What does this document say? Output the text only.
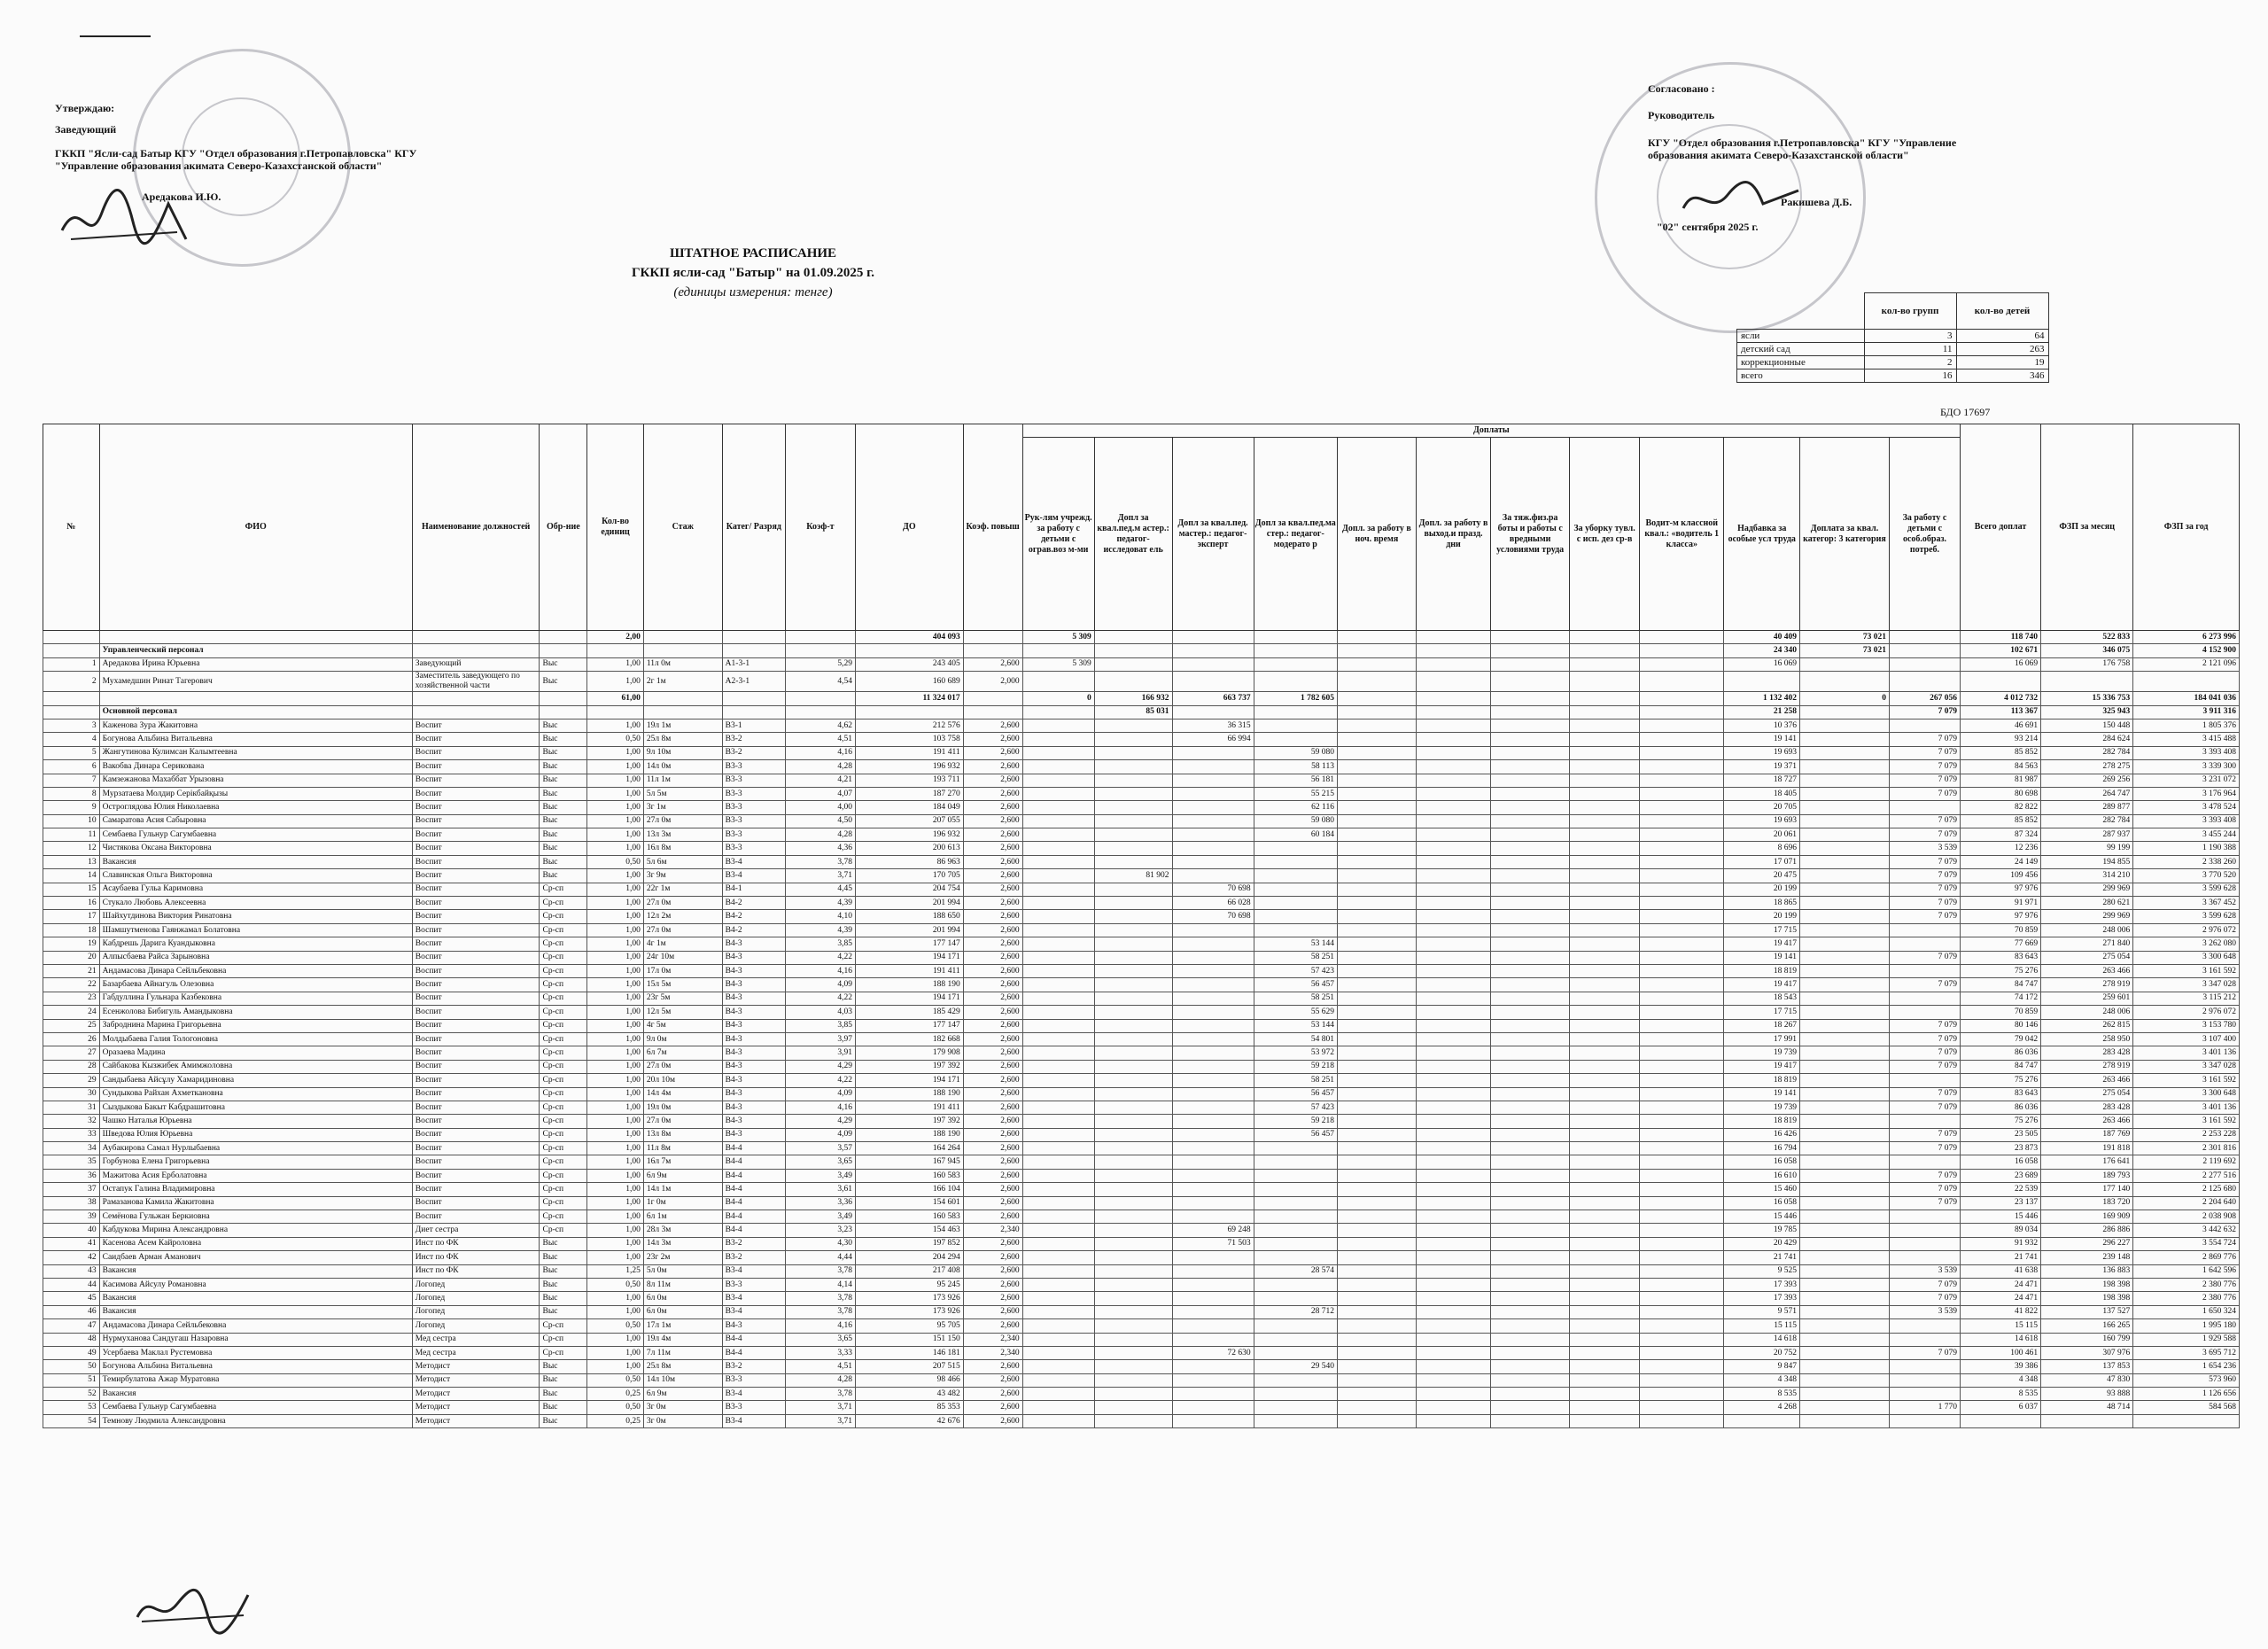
Утверждаю:
Заведующий
ГККП "Ясли-сад Батыр КГУ "Отдел образования г.Петропавловска" КГУ
"Управление образования акимата Северо-Казахстанской области"
Аредакова И.Ю.
Согласовано :
Руководитель
КГУ "Отдел образования г.Петропавловска" КГУ "Управление
образования акимата Северо-Казахстанской области"
Ракишева Д.Б.
"02" сентября 2025 г.
ШТАТНОЕ РАСПИСАНИЕ
ГККП ясли-сад "Батыр" на 01.09.2025 г.
(единицы измерения: тенге)
	кол-во групп	кол-во детей
ясли	3	64
детский сад	11	263
коррекционные	2	19
всего	16	346
БДО 17697
№	ФИО	Наименование должностей	Обр-ние	Кол-во единиц	Стаж	Катег/ Разряд	Коэф-т	ДО	Коэф. повыш	Доплаты												Всего доплат	ФЗП за месяц	ФЗП за год
										Рук-лям учрежд. за работу с детьми с ограв.воз м-ми	Допл за квал.пед.м астер.: педагог-исследоват ель	Допл за квал.пед. мастер.: педагог-эксперт	Допл за квал.пед.ма стер.: педагог-модерато р	Допл. за работу в ноч. время	Допл. за работу в выход.и празд. дни	За тяж.физ.ра боты и работы с вредными условиями труда	За уборку тувл. с исп. дез ср-в	Водит-м классной квал.: «водитель 1 класса»	Надбавка за особые усл труда	Доплата за квал. категор: 3 категория	За работу с детьми с особ.образ. потреб.			
				2,00				404 093		5 309									40 409	73 021		118 740	522 833	6 273 996
	Управленческий персонал																		24 340	73 021		102 671	346 075	4 152 900
1	Аредакова Ирина Юрьевна	Заведующий	Выс	1,00	11л 0м	А1-3-1	5,29	243 405	2,600	5 309									16 069			16 069	176 758	2 121 096
2	Мухамедшин Ринат Тагерович	Заместитель заведующего по хозяйственной части	Выс	1,00	2г 1м	А2-3-1	4,54	160 689	2,000															
				61,00				11 324 017		0	166 932	663 737	1 782 605						1 132 402	0	267 056	4 012 732	15 336 753	184 041 036
	Основной персонал										85 031								21 258		7 079	113 367	325 943	3 911 316
3	Каженова Зура Жакитовна	Воспит	Выс	1,00	19л 1м	В3-1	4,62	212 576	2,600			36 315							10 376			46 691	150 448	1 805 376
4	Богунова Альбина Витальевна	Воспит	Выс	0,50	25л 8м	В3-2	4,51	103 758	2,600			66 994							19 141		7 079	93 214	284 624	3 415 488
5	Жангутинова Кулимсан Калымтеевна	Воспит	Выс	1,00	9л 10м	В3-2	4,16	191 411	2,600				59 080						19 693		7 079	85 852	282 784	3 393 408
6	Вакобва Динара Серикована	Воспит	Выс	1,00	14л 0м	В3-3	4,28	196 932	2,600				58 113						19 371		7 079	84 563	278 275	3 339 300
7	Камзежанова Махаббат Урызовна	Воспит	Выс	1,00	11л 1м	В3-3	4,21	193 711	2,600				56 181						18 727		7 079	81 987	269 256	3 231 072
8	Мурзатаева Молдир Серікбайқызы	Воспит	Выс	1,00	5л 5м	В3-3	4,07	187 270	2,600				55 215						18 405		7 079	80 698	264 747	3 176 964
9	Остроглядова Юлия Николаевна	Воспит	Выс	1,00	3г 1м	В3-3	4,00	184 049	2,600				62 116						20 705			82 822	289 877	3 478 524
10	Самаратова Асия Сабыровна	Воспит	Выс	1,00	27л 0м	В3-3	4,50	207 055	2,600				59 080						19 693		7 079	85 852	282 784	3 393 408
11	Сембаева Гульнур Сагумбаевна	Воспит	Выс	1,00	13л 3м	В3-3	4,28	196 932	2,600				60 184						20 061		7 079	87 324	287 937	3 455 244
12	Чистякова Оксана Викторовна	Воспит	Выс	1,00	16л 8м	В3-3	4,36	200 613	2,600										8 696		3 539	12 236	99 199	1 190 388
13	Вакансия	Воспит	Выс	0,50	5л 6м	В3-4	3,78	86 963	2,600										17 071		7 079	24 149	194 855	2 338 260
14	Славинская Ольга Викторовна	Воспит	Выс	1,00	3г 9м	В3-4	3,71	170 705	2,600		81 902								20 475		7 079	109 456	314 210	3 770 520
15	Асаубаева Гульа Каримовна	Воспит	Ср-сп	1,00	22г 1м	В4-1	4,45	204 754	2,600			70 698							20 199		7 079	97 976	299 969	3 599 628
16	Стукало Любовь Алексеевна	Воспит	Ср-сп	1,00	27л 0м	В4-2	4,39	201 994	2,600			66 028							18 865		7 079	91 971	280 621	3 367 452
17	Шайхутдинова Виктория Ринатовна	Воспит	Ср-сп	1,00	12л 2м	В4-2	4,10	188 650	2,600			70 698							20 199		7 079	97 976	299 969	3 599 628
18	Шамшутменова Гаянжамал Болатовна	Воспит	Ср-сп	1,00	27л 0м	В4-2	4,39	201 994	2,600										17 715			70 859	248 006	2 976 072
19	Кабдрешь Дарига Куандыковна	Воспит	Ср-сп	1,00	4г 1м	В4-3	3,85	177 147	2,600				53 144						19 417			77 669	271 840	3 262 080
20	Алпысбаева Райса Зарыновна	Воспит	Ср-сп	1,00	24г 10м	В4-3	4,22	194 171	2,600				58 251						19 141		7 079	83 643	275 054	3 300 648
21	Андамасова Динара Сейльбековна	Воспит	Ср-сп	1,00	17л 0м	В4-3	4,16	191 411	2,600				57 423						18 819			75 276	263 466	3 161 592
22	Базарбаева Айнагуль Олезовна	Воспит	Ср-сп	1,00	15л 5м	В4-3	4,09	188 190	2,600				56 457						19 417		7 079	84 747	278 919	3 347 028
23	Габдуллина Гульнара Казбековна	Воспит	Ср-сп	1,00	23г 5м	В4-3	4,22	194 171	2,600				58 251						18 543			74 172	259 601	3 115 212
24	Есенжолова Бибигуль Амандыковна	Воспит	Ср-сп	1,00	12л 5м	В4-3	4,03	185 429	2,600				55 629						17 715			70 859	248 006	2 976 072
25	Заброднина Марина Григорьевна	Воспит	Ср-сп	1,00	4г 5м	В4-3	3,85	177 147	2,600				53 144						18 267		7 079	80 146	262 815	3 153 780
26	Молдыбаева Галия Тологоновна	Воспит	Ср-сп	1,00	9л 0м	В4-3	3,97	182 668	2,600				54 801						17 991		7 079	79 042	258 950	3 107 400
27	Оразаева Мадина	Воспит	Ср-сп	1,00	6л 7м	В4-3	3,91	179 908	2,600				53 972						19 739		7 079	86 036	283 428	3 401 136
28	Сайбакова Кызжибек Амимжоловна	Воспит	Ср-сп	1,00	27л 0м	В4-3	4,29	197 392	2,600				59 218						19 417		7 079	84 747	278 919	3 347 028
29	Сандыбаева Айсұлу Хамаридиновна	Воспит	Ср-сп	1,00	20л 10м	В4-3	4,22	194 171	2,600				58 251						18 819			75 276	263 466	3 161 592
30	Сундыкова Райхан Ахметкановна	Воспит	Ср-сп	1,00	14л 4м	В4-3	4,09	188 190	2,600				56 457						19 141		7 079	83 643	275 054	3 300 648
31	Сыздыкова Бакыт Кабдрашитовна	Воспит	Ср-сп	1,00	19л 0м	В4-3	4,16	191 411	2,600				57 423						19 739		7 079	86 036	283 428	3 401 136
32	Чашко Наталья Юрьевна	Воспит	Ср-сп	1,00	27л 0м	В4-3	4,29	197 392	2,600				59 218						18 819			75 276	263 466	3 161 592
33	Шведова Юлия Юрьевна	Воспит	Ср-сп	1,00	13л 8м	В4-3	4,09	188 190	2,600				56 457						16 426		7 079	23 505	187 769	2 253 228
34	Аубакирова Самал Нурлыбаевна	Воспит	Ср-сп	1,00	11л 8м	В4-4	3,57	164 264	2,600										16 794		7 079	23 873	191 818	2 301 816
35	Горбунова Елена Григорьевна	Воспит	Ср-сп	1,00	16л 7м	В4-4	3,65	167 945	2,600										16 058			16 058	176 641	2 119 692
36	Мажитова Асия Ерболатовна	Воспит	Ср-сп	1,00	6л 9м	В4-4	3,49	160 583	2,600										16 610		7 079	23 689	189 793	2 277 516
37	Остапук Галина Владимировна	Воспит	Ср-сп	1,00	14л 1м	В4-4	3,61	166 104	2,600										15 460		7 079	22 539	177 140	2 125 680
38	Рамазанова Камила Жакитовна	Воспит	Ср-сп	1,00	1г 0м	В4-4	3,36	154 601	2,600										16 058		7 079	23 137	183 720	2 204 640
39	Семёнова Гульжан Беркиовна	Воспит	Ср-сп	1,00	6л 1м	В4-4	3,49	160 583	2,600										15 446			15 446	169 909	2 038 908
40	Кабдукова Мирина Александровна	Диет сестра	Ср-сп	1,00	28л 3м	В4-4	3,23	154 463	2,340			69 248							19 785			89 034	286 886	3 442 632
41	Касенова Асем Кайроловна	Инст по ФК	Выс	1,00	14л 3м	В3-2	4,30	197 852	2,600			71 503							20 429			91 932	296 227	3 554 724
42	Саидбаев Арман Аманович	Инст по ФК	Выс	1,00	23г 2м	В3-2	4,44	204 294	2,600										21 741			21 741	239 148	2 869 776
43	Вакансия	Инст по ФК	Выс	1,25	5л 0м	В3-4	3,78	217 408	2,600				28 574						9 525		3 539	41 638	136 883	1 642 596
44	Касимова Айсулу Романовна	Логопед	Выс	0,50	8л 11м	В3-3	4,14	95 245	2,600										17 393		7 079	24 471	198 398	2 380 776
45	Вакансия	Логопед	Выс	1,00	6л 0м	В3-4	3,78	173 926	2,600										17 393		7 079	24 471	198 398	2 380 776
46	Вакансия	Логопед	Выс	1,00	6л 0м	В3-4	3,78	173 926	2,600				28 712						9 571		3 539	41 822	137 527	1 650 324
47	Андамасова Динара Сейльбековна	Логопед	Ср-сп	0,50	17л 1м	В4-3	4,16	95 705	2,600										15 115			15 115	166 265	1 995 180
48	Нурмуханова Сандугаш Назаровна	Мед сестра	Ср-сп	1,00	19л 4м	В4-4	3,65	151 150	2,340										14 618			14 618	160 799	1 929 588
49	Усербаева Маклал Рустемовна	Мед сестра	Ср-сп	1,00	7л 11м	В4-4	3,33	146 181	2,340			72 630							20 752		7 079	100 461	307 976	3 695 712
50	Богунова Альбина Витальевна	Методист	Выс	1,00	25л 8м	В3-2	4,51	207 515	2,600				29 540						9 847			39 386	137 853	1 654 236
51	Темирбулатова Ажар Муратовна	Методист	Выс	0,50	14л 10м	В3-3	4,28	98 466	2,600										4 348			4 348	47 830	573 960
52	Вакансия	Методист	Выс	0,25	6л 9м	В3-4	3,78	43 482	2,600										8 535			8 535	93 888	1 126 656
53	Сембаева Гульнур Сагумбаевна	Методист	Выс	0,50	3г 0м	В3-3	3,71	85 353	2,600										4 268		1 770	6 037	48 714	584 568
54	Темнову Людмила Александровна	Методист	Выс	0,25	3г 0м	В3-4	3,71	42 676	2,600															
